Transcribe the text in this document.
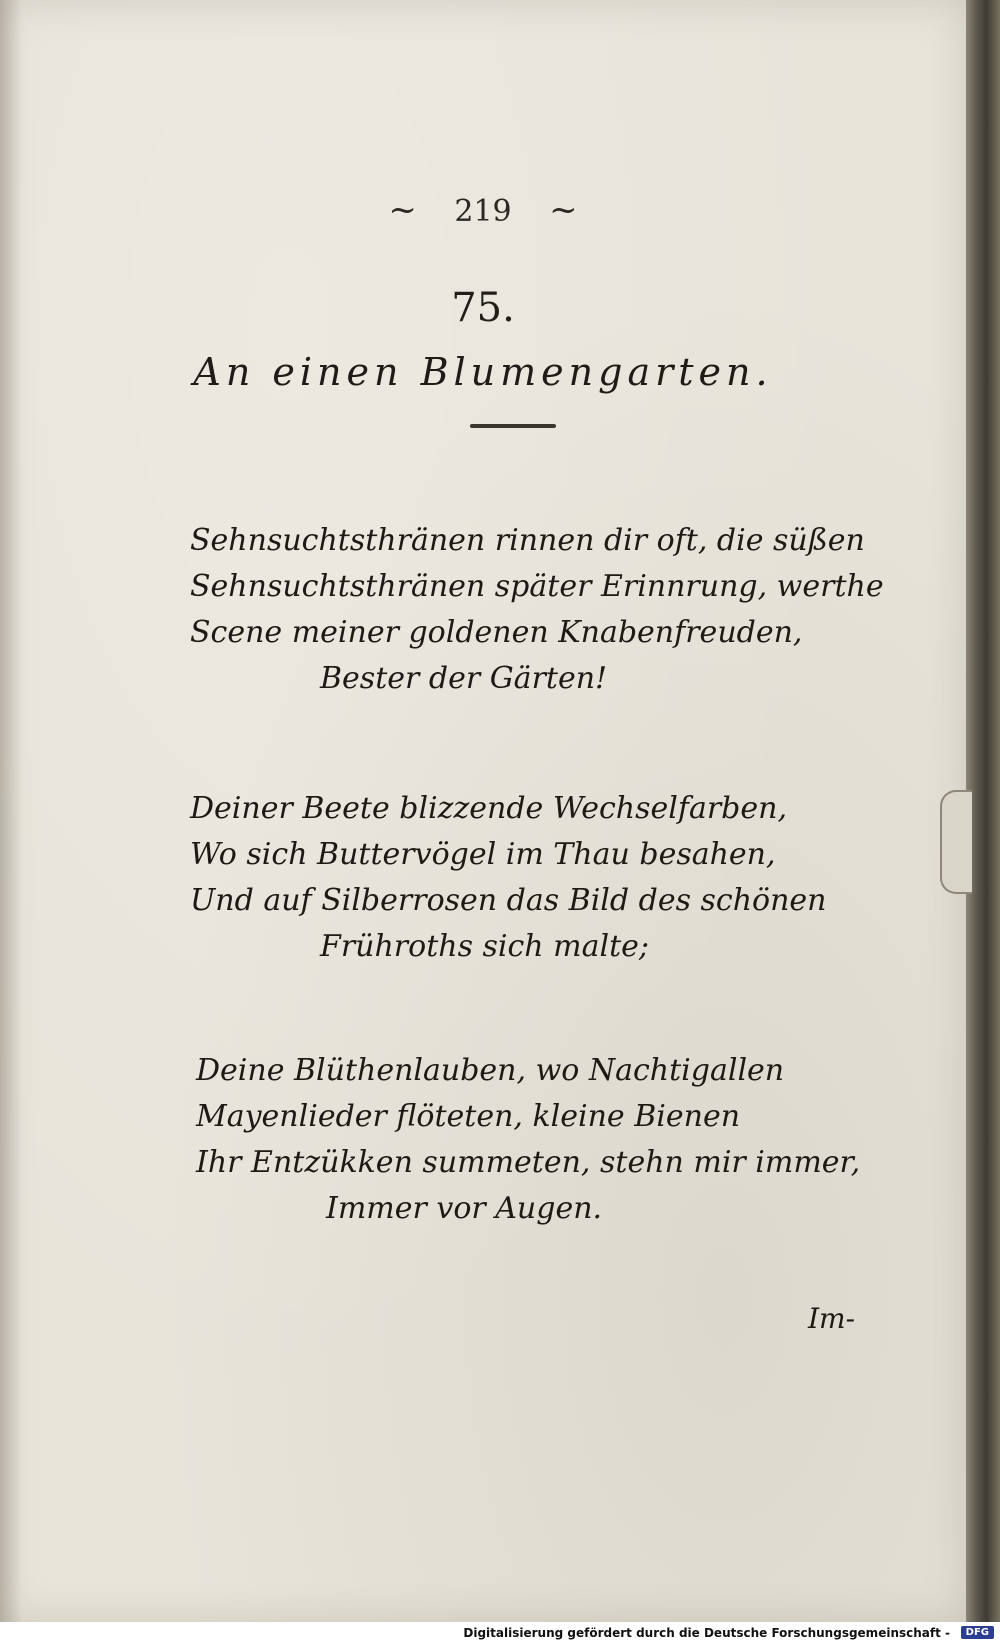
~ 219 ~
75.
An einen Blumengarten.
Sehnsuchtsthränen rinnen dir oft, die süßen
Sehnsuchtsthränen später Erinnrung, werthe
Scene meiner goldenen Knabenfreuden,
Bester der Gärten!
Deiner Beete blizzende Wechselfarben,
Wo sich Buttervögel im Thau besahen,
Und auf Silberrosen das Bild des schönen
Frühroths sich malte;
Deine Blüthenlauben, wo Nachtigallen
Mayenlieder flöteten, kleine Bienen
Ihr Entzükken summeten, stehn mir immer,
Immer vor Augen.
Im-
Digitalisierung gefördert durch die Deutsche Forschungsgemeinschaft -	DFG
